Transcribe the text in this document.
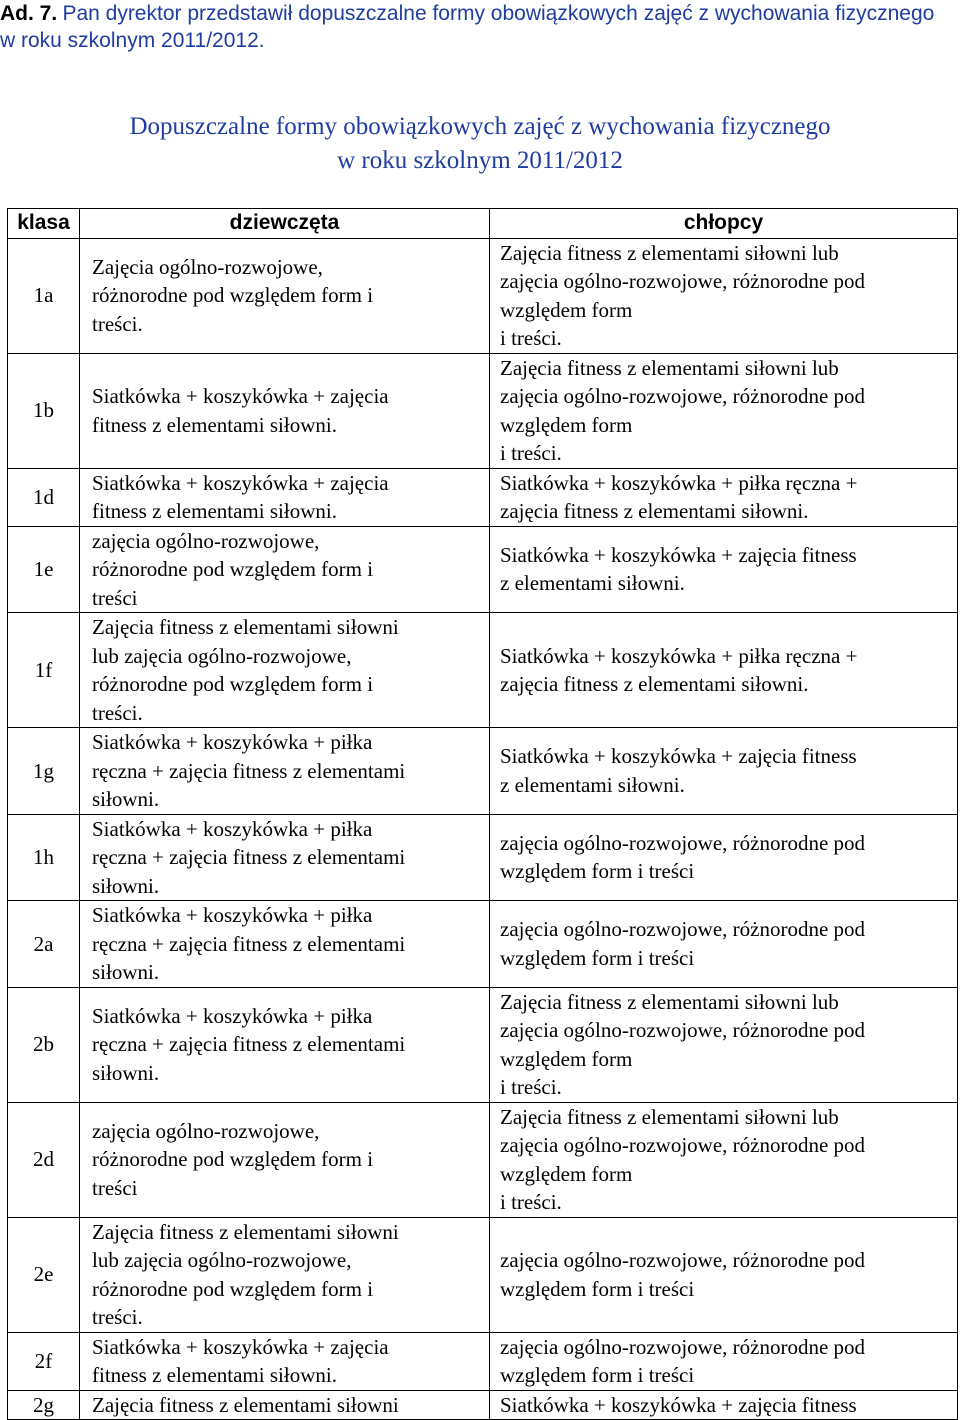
Ad. 7. Pan dyrektor przedstawił dopuszczalne formy obowiązkowych zajęć z wychowania fizycznego w roku szkolnym 2011/2012.
Dopuszczalne formy obowiązkowych zajęć z wychowania fizycznego
w roku szkolnym 2011/2012
klasa	dziewczęta	chłopcy
1a	Zajęcia ogólno-rozwojowe,
różnorodne pod względem form i
treści.	Zajęcia fitness z elementami siłowni lub
zajęcia ogólno-rozwojowe, różnorodne pod
względem form
i treści.

1b	Siatkówka + koszykówka + zajęcia
fitness z elementami siłowni.	Zajęcia fitness z elementami siłowni lub
zajęcia ogólno-rozwojowe, różnorodne pod
względem form
i treści.

1d	Siatkówka + koszykówka + zajęcia
fitness z elementami siłowni.	Siatkówka + koszykówka + piłka ręczna +
zajęcia fitness z elementami siłowni.

1e	zajęcia ogólno-rozwojowe,
różnorodne pod względem form i
treści	Siatkówka + koszykówka + zajęcia fitness
z elementami siłowni.

1f	Zajęcia fitness z elementami siłowni
lub zajęcia ogólno-rozwojowe,
różnorodne pod względem form i
treści.	Siatkówka + koszykówka + piłka ręczna +
zajęcia fitness z elementami siłowni.

1g	Siatkówka + koszykówka + piłka
ręczna + zajęcia fitness z elementami
siłowni.	Siatkówka + koszykówka + zajęcia fitness
z elementami siłowni.

1h	Siatkówka + koszykówka + piłka
ręczna + zajęcia fitness z elementami
siłowni.	zajęcia ogólno-rozwojowe, różnorodne pod
względem form i treści

2a	Siatkówka + koszykówka + piłka
ręczna + zajęcia fitness z elementami
siłowni.	zajęcia ogólno-rozwojowe, różnorodne pod
względem form i treści

2b	Siatkówka + koszykówka + piłka
ręczna + zajęcia fitness z elementami
siłowni.	Zajęcia fitness z elementami siłowni lub
zajęcia ogólno-rozwojowe, różnorodne pod
względem form
i treści.

2d	zajęcia ogólno-rozwojowe,
różnorodne pod względem form i
treści	Zajęcia fitness z elementami siłowni lub
zajęcia ogólno-rozwojowe, różnorodne pod
względem form
i treści.

2e	Zajęcia fitness z elementami siłowni
lub zajęcia ogólno-rozwojowe,
różnorodne pod względem form i
treści.	zajęcia ogólno-rozwojowe, różnorodne pod
względem form i treści

2f	Siatkówka + koszykówka + zajęcia
fitness z elementami siłowni.	zajęcia ogólno-rozwojowe, różnorodne pod
względem form i treści

2g	Zajęcia fitness z elementami siłowni	Siatkówka + koszykówka + zajęcia fitness
